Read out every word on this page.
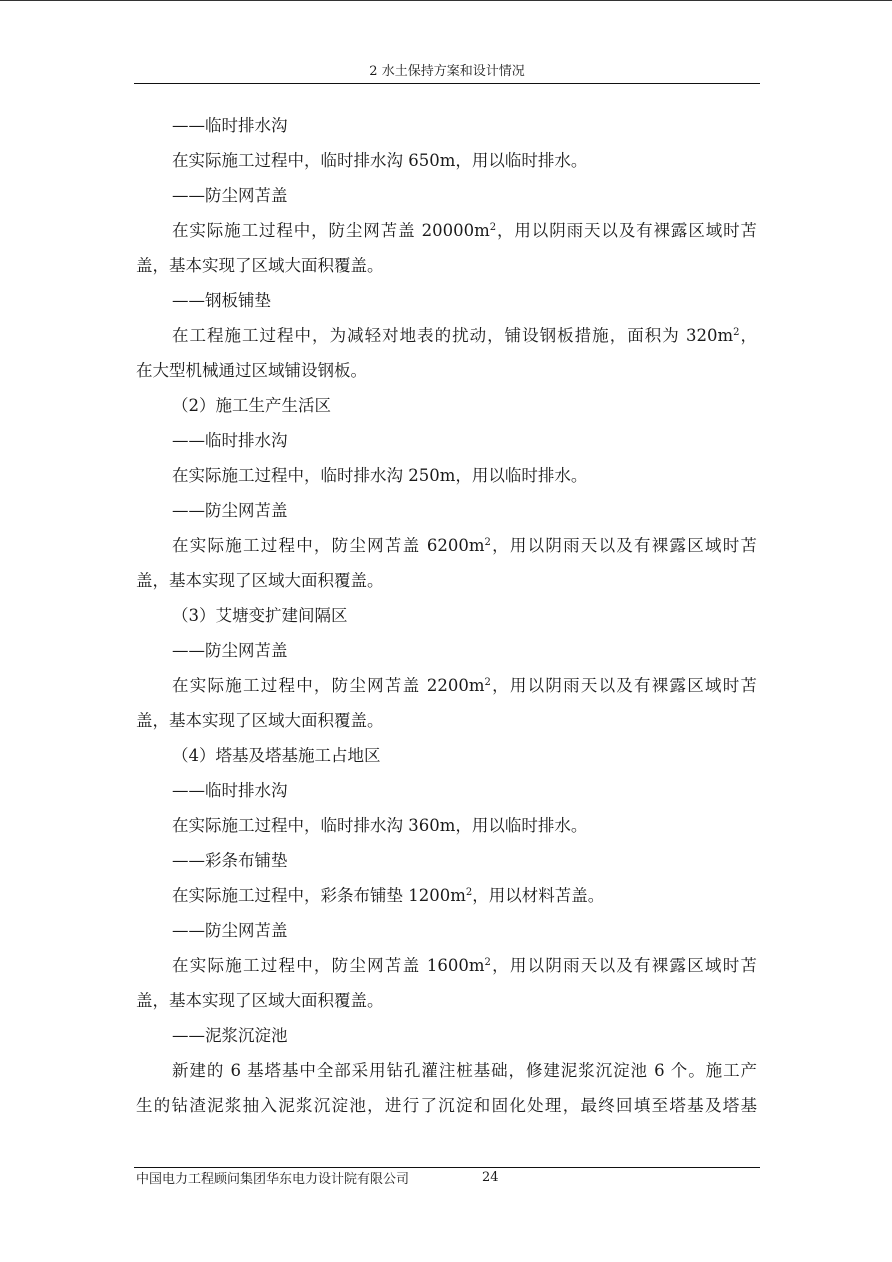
2 水土保持方案和设计情况
——临时排水沟
在实际施工过程中，临时排水沟 650m，用以临时排水。
——防尘网苫盖
在实际施工过程中，防尘网苫盖 $20000m^2$，用以阴雨天以及有裸露区域时苫
盖，基本实现了区域大面积覆盖。
——钢板铺垫
在工程施工过程中，为减轻对地表的扰动，铺设钢板措施，面积为 $320m^2$，
在大型机械通过区域铺设钢板。
（2）施工生产生活区
——临时排水沟
在实际施工过程中，临时排水沟 250m，用以临时排水。
——防尘网苫盖
在实际施工过程中，防尘网苫盖 $6200m^2$，用以阴雨天以及有裸露区域时苫
盖，基本实现了区域大面积覆盖。
（3）艾塘变扩建间隔区
——防尘网苫盖
在实际施工过程中，防尘网苫盖 $2200m^2$，用以阴雨天以及有裸露区域时苫
盖，基本实现了区域大面积覆盖。
（4）塔基及塔基施工占地区
——临时排水沟
在实际施工过程中，临时排水沟 360m，用以临时排水。
——彩条布铺垫
在实际施工过程中，彩条布铺垫 $1200m^2$，用以材料苫盖。
——防尘网苫盖
在实际施工过程中，防尘网苫盖 $1600m^2$，用以阴雨天以及有裸露区域时苫
盖，基本实现了区域大面积覆盖。
——泥浆沉淀池
新建的 6 基塔基中全部采用钻孔灌注桩基础，修建泥浆沉淀池 6 个。施工产
生的钻渣泥浆抽入泥浆沉淀池，进行了沉淀和固化处理，最终回填至塔基及塔基
中国电力工程顾问集团华东电力设计院有限公司	24
